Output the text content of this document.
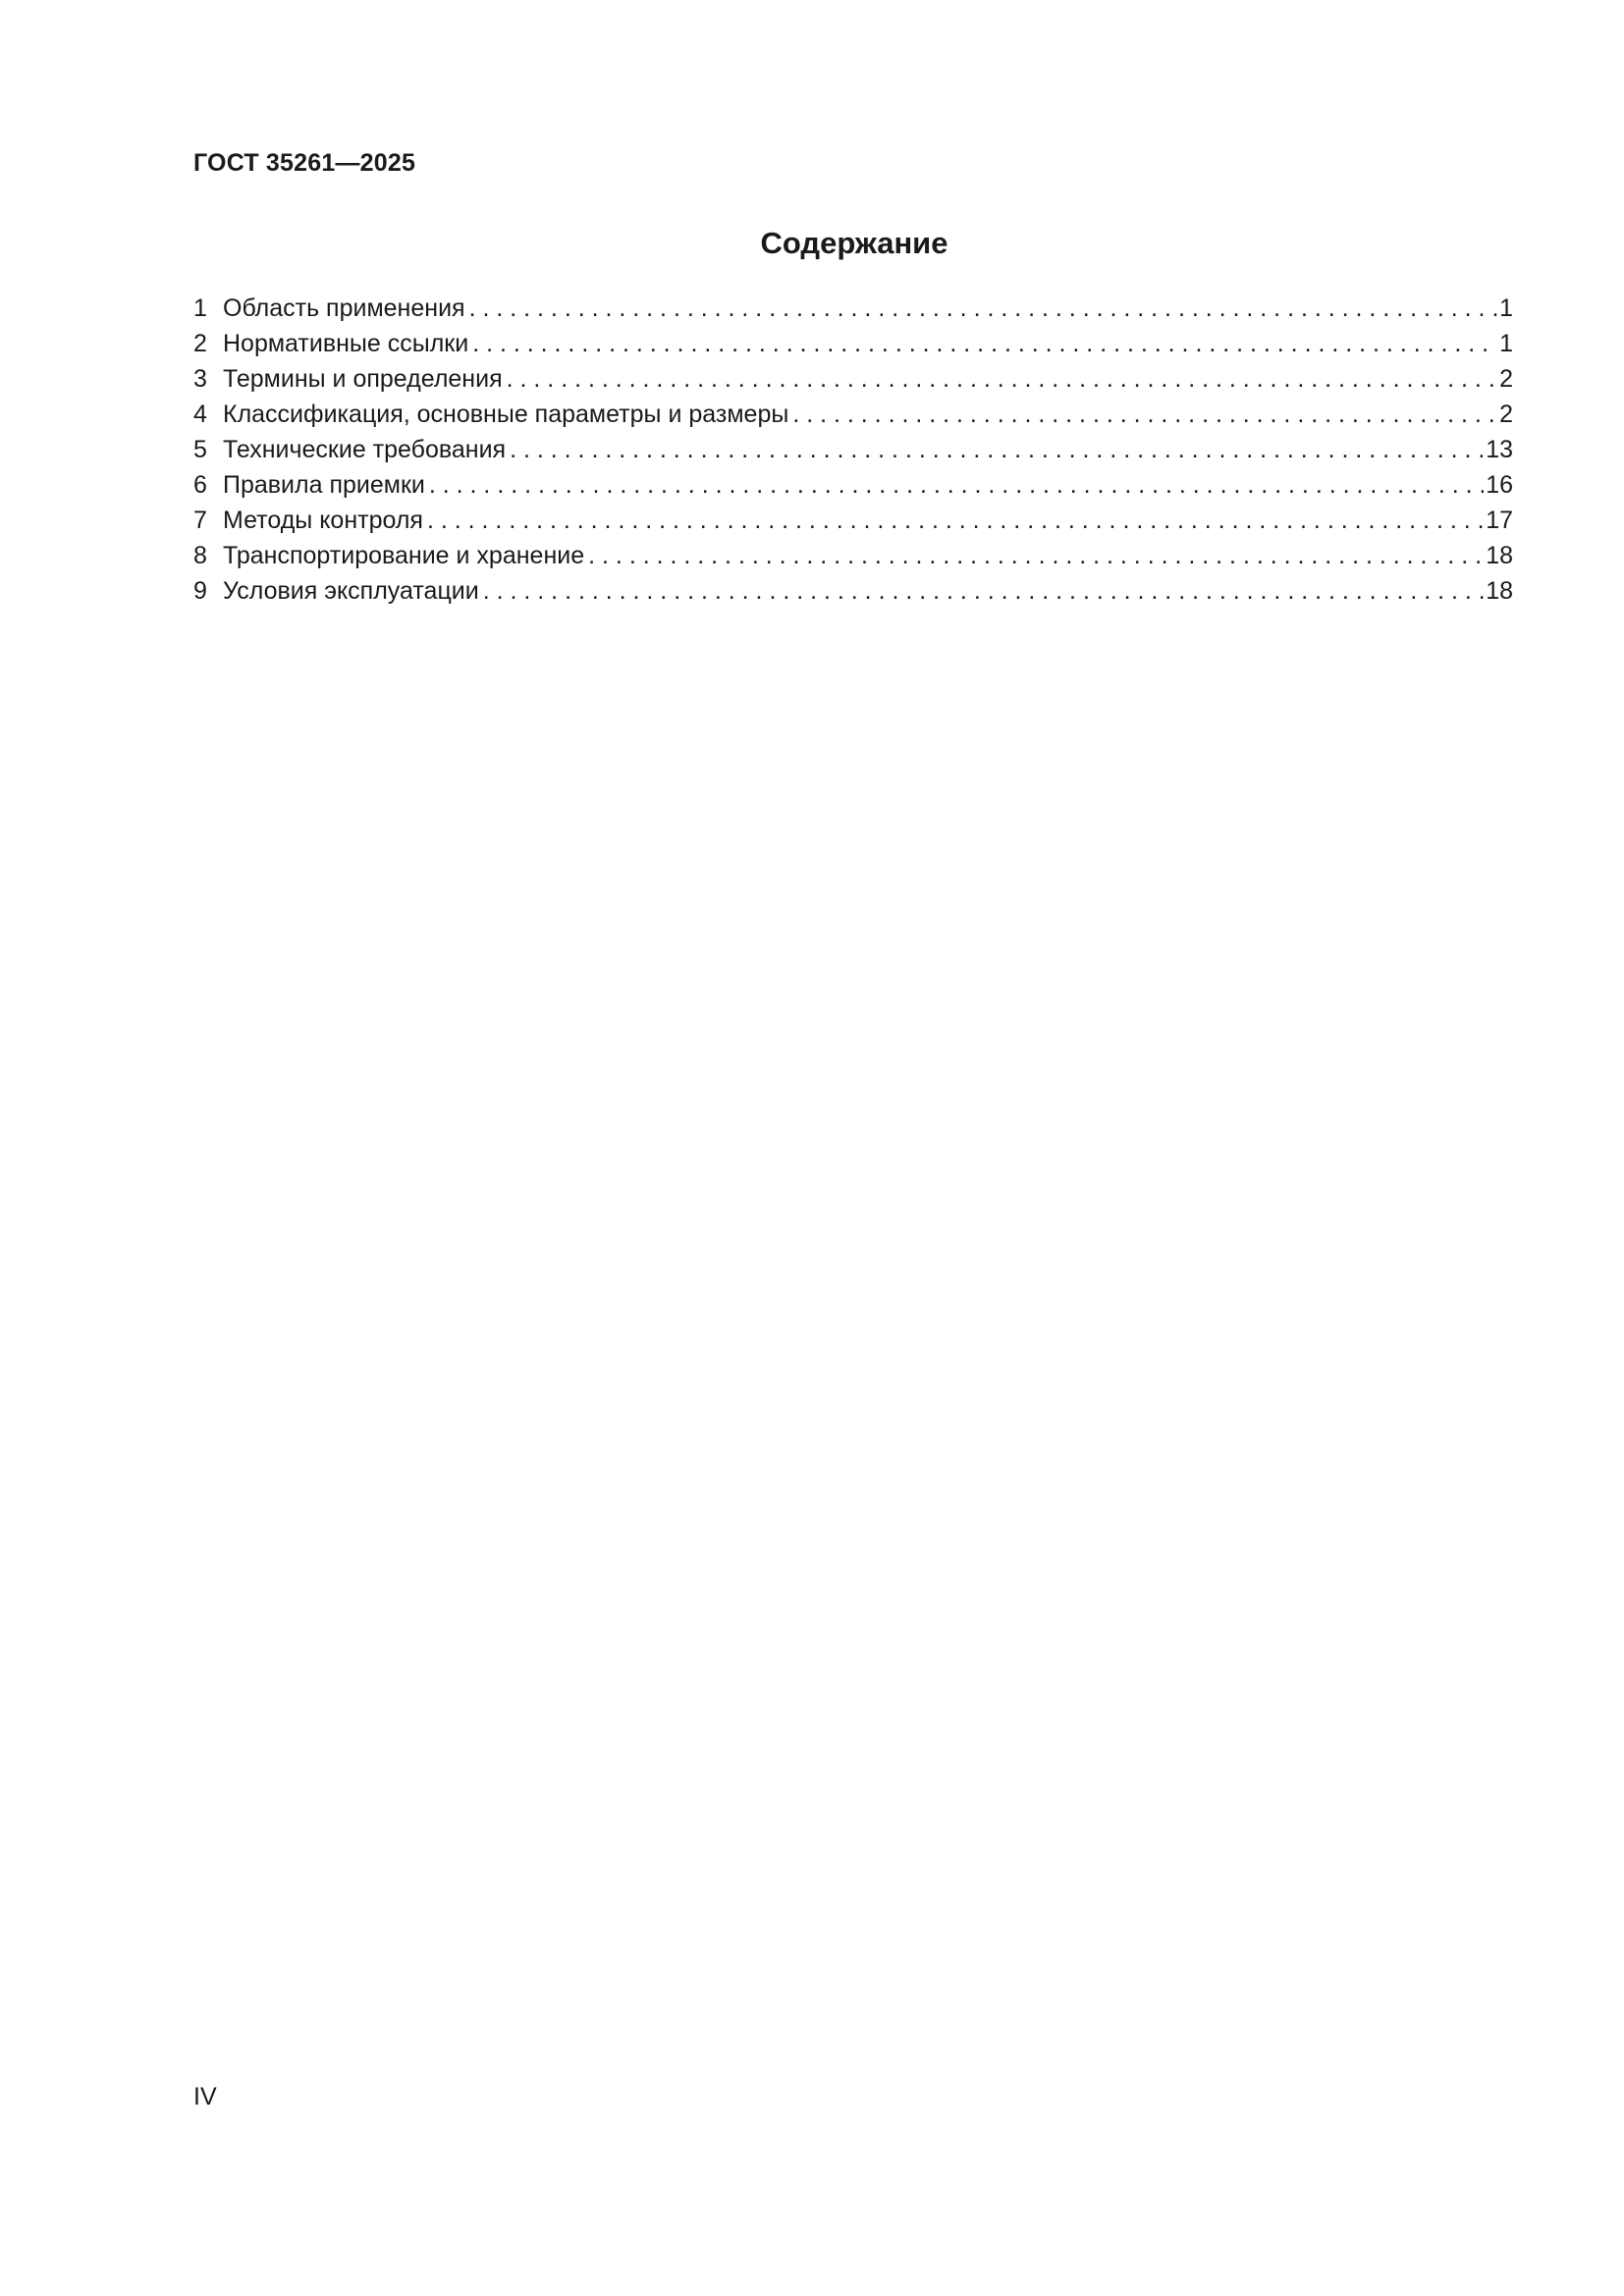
ГОСТ 35261—2025
Содержание
1 Область применения . . .	1
2 Нормативные ссылки . . .	1
3 Термины и определения . . .	2
4 Классификация, основные параметры и размеры . . .	2
5 Технические требования . . .	13
6 Правила приемки . . .	16
7 Методы контроля . . .	17
8 Транспортирование и хранение . . .	18
9 Условия эксплуатации . . .	18
IV
